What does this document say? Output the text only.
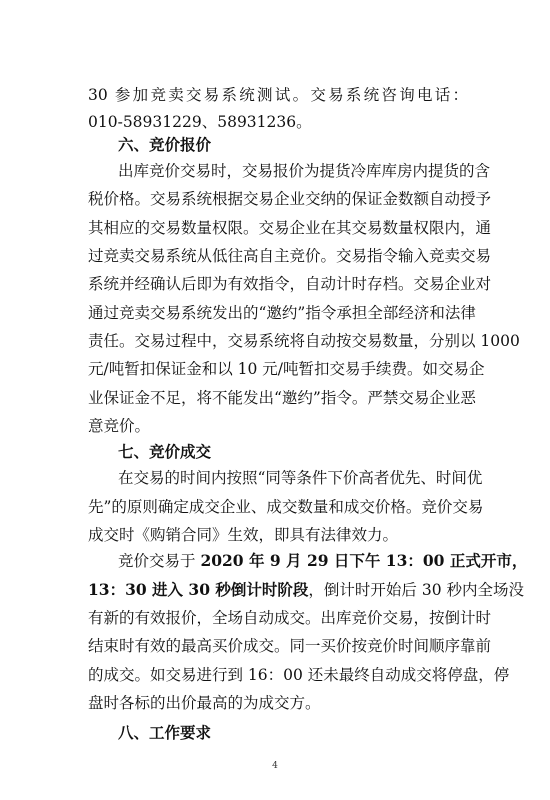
30 参加竞卖交易系统测试。交易系统咨询电话：
010-58931229、58931236。
六、竞价报价
出库竞价交易时，交易报价为提货冷库库房内提货的含
税价格。交易系统根据交易企业交纳的保证金数额自动授予
其相应的交易数量权限。交易企业在其交易数量权限内，通
过竞卖交易系统从低往高自主竞价。交易指令输入竞卖交易
系统并经确认后即为有效指令，自动计时存档。交易企业对
通过竞卖交易系统发出的“邀约”指令承担全部经济和法律
责任。交易过程中，交易系统将自动按交易数量，分别以 1000
元/吨暂扣保证金和以 10 元/吨暂扣交易手续费。如交易企
业保证金不足，将不能发出“邀约”指令。严禁交易企业恶
意竞价。
七、竞价成交
在交易的时间内按照“同等条件下价高者优先、时间优
先”的原则确定成交企业、成交数量和成交价格。竞价交易
成交时《购销合同》生效，即具有法律效力。
竞价交易于 2020 年 9 月 29 日下午 13：00 正式开市，
13：30 进入 30 秒倒计时阶段，倒计时开始后 30 秒内全场没
有新的有效报价，全场自动成交。出库竞价交易，按倒计时
结束时有效的最高买价成交。同一买价按竞价时间顺序靠前
的成交。如交易进行到 16：00 还未最终自动成交将停盘，停
盘时各标的出价最高的为成交方。
八、工作要求
4
